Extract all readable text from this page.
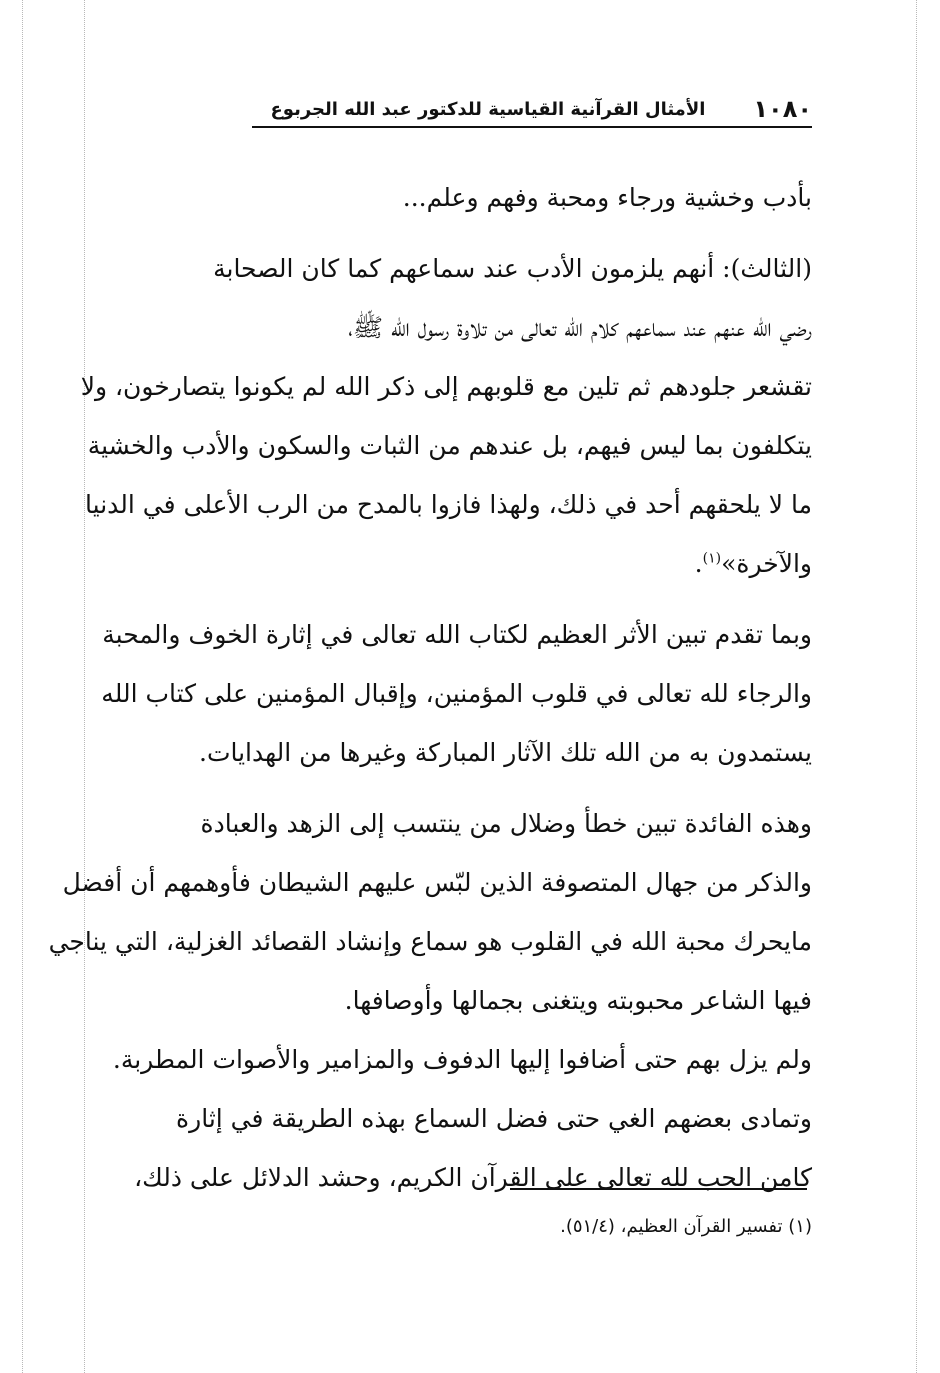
١٠٨٠
الأمثال القرآنية القياسية للدكتور عبد الله الجربوع
بأدب وخشية ورجاء ومحبة وفهم وعلم...
(الثالث): أنهم يلزمون الأدب عند سماعهم كما كان الصحابة
رضي الله عنهم عند سماعهم كلام الله تعالى من تلاوة رسول الله ﷺ،
تقشعر جلودهم ثم تلين مع قلوبهم إلى ذكر الله لم يكونوا يتصارخون، ولا
يتكلفون بما ليس فيهم، بل عندهم من الثبات والسكون والأدب والخشية
ما لا يلحقهم أحد في ذلك، ولهذا فازوا بالمدح من الرب الأعلى في الدنيا
والآخرة»$^{(١)}$.
وبما تقدم تبين الأثر العظيم لكتاب الله تعالى في إثارة الخوف والمحبة
والرجاء لله تعالى في قلوب المؤمنين، وإقبال المؤمنين على كتاب الله
يستمدون به من الله تلك الآثار المباركة وغيرها من الهدايات.
وهذه الفائدة تبين خطأ وضلال من ينتسب إلى الزهد والعبادة
والذكر من جهال المتصوفة الذين لبّس عليهم الشيطان فأوهمهم أن أفضل
مايحرك محبة الله في القلوب هو سماع وإنشاد القصائد الغزلية، التي يناجي
فيها الشاعر محبوبته ويتغنى بجمالها وأوصافها.
ولم يزل بهم حتى أضافوا إليها الدفوف والمزامير والأصوات المطربة.
وتمادى بعضهم الغي حتى فضل السماع بهذه الطريقة في إثارة
كامن الحب لله تعالى على القرآن الكريم، وحشد الدلائل على ذلك،
(١) تفسير القرآن العظيم، (٥١/٤).
